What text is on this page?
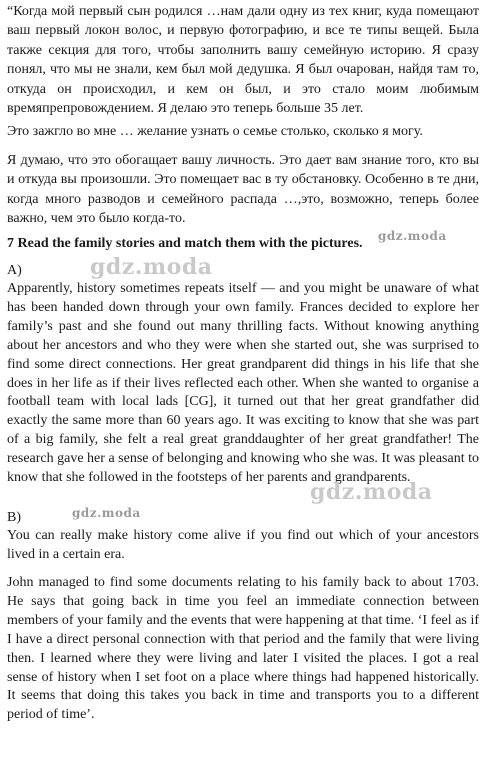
“Когда мой первый сын родился …нам дали одну из тех книг, куда помещают ваш первый локон волос, и первую фотографию, и все те типы вещей. Была также секция для того, чтобы заполнить вашу семейную историю. Я сразу понял, что мы не знали, кем был мой дедушка. Я был очарован, найдя там то, откуда он происходил, и кем он был, и это стало моим любимым времяпрепровождением. Я делаю это теперь больше 35 лет.

Это зажгло во мне … желание узнать о семье столько, сколько я могу.

Я думаю, что это обогащает вашу личность. Это дает вам знание того, кто вы и откуда вы произошли. Это помещает вас в ту обстановку. Особенно в те дни, когда много разводов и семейного распада …,это, возможно, теперь более важно, чем это было когда-то.

7 Read the family stories and match them with the pictures.

A)

Apparently, history sometimes repeats itself — and you might be unaware of what has been handed down through your own family. Frances decided to explore her family’s past and she found out many thrilling facts. Without knowing anything about her ancestors and who they were when she started out, she was surprised to find some direct connections. Her great grandparent did things in his life that she does in her life as if their lives reflected each other. When she wanted to organise a football team with local lads [CG], it turned out that her great grandfather did exactly the same more than 60 years ago. It was exciting to know that she was part of a big family, she felt a real great granddaughter of her great grandfather! The research gave her a sense of belonging and knowing who she was. It was pleasant to know that she followed in the footsteps of her parents and grandparents.

B)

You can really make history come alive if you find out which of your ancestors lived in a certain era.

John managed to find some documents relating to his family back to about 1703. He says that going back in time you feel an immediate connection between members of your family and the events that were happening at that time. ‘I feel as if I have a direct personal connection with that period and the family that were living then. I learned where they were living and later I visited the places. I got a real sense of history when I set foot on a place where things had happened historically. It seems that doing this takes you back in time and transports you to a different period of time’.

gdz.moda
gdz.moda
gdz.moda
gdz.moda
